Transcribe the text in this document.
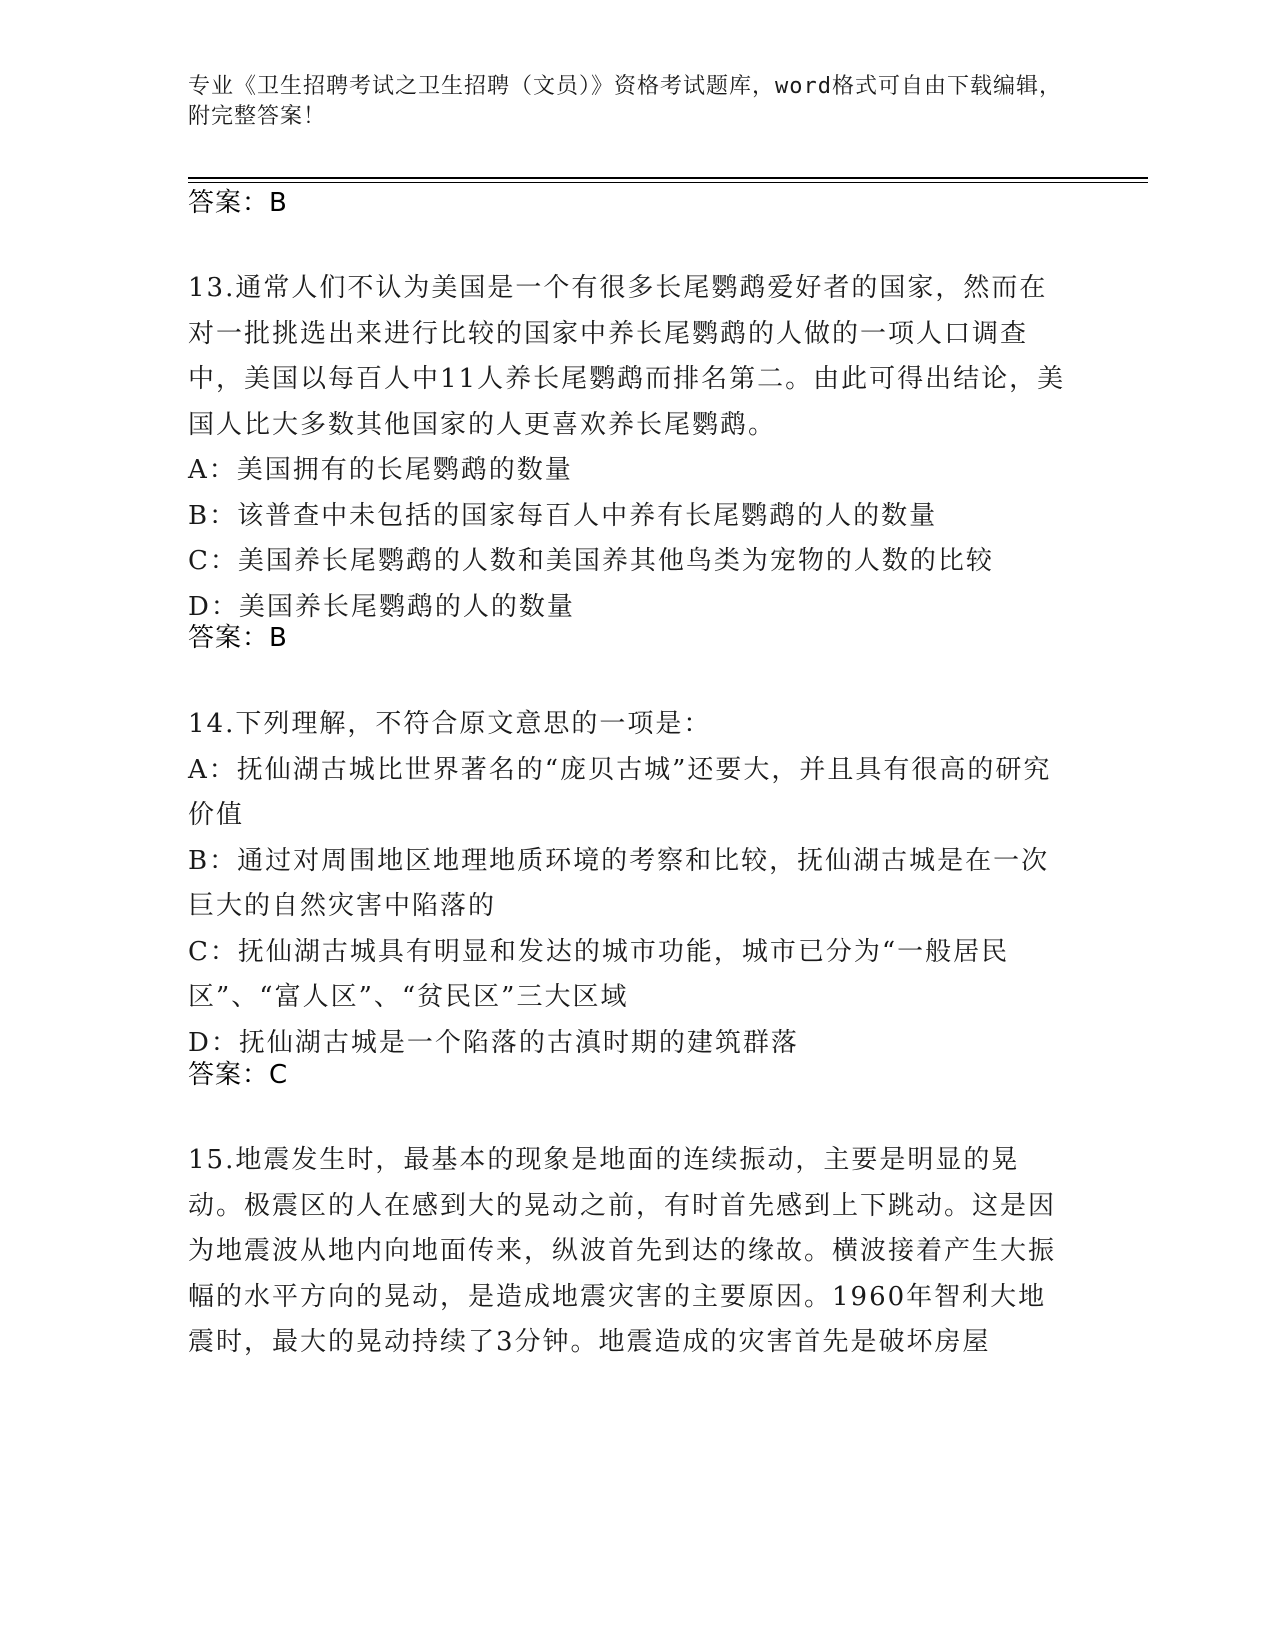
专业《卫生招聘考试之卫生招聘（文员）》资格考试题库，word格式可自由下载编辑，附完整答案！
答案：B

13.通常人们不认为美国是一个有很多长尾鹦鹉爱好者的国家，然而在对一批挑选出来进行比较的国家中养长尾鹦鹉的人做的一项人口调查中，美国以每百人中11人养长尾鹦鹉而排名第二。由此可得出结论，美国人比大多数其他国家的人更喜欢养长尾鹦鹉。

A：美国拥有的长尾鹦鹉的数量

B：该普查中未包括的国家每百人中养有长尾鹦鹉的人的数量

C：美国养长尾鹦鹉的人数和美国养其他鸟类为宠物的人数的比较

D：美国养长尾鹦鹉的人的数量

答案：B

14.下列理解，不符合原文意思的一项是：

A：抚仙湖古城比世界著名的“庞贝古城”还要大，并且具有很高的研究价值

B：通过对周围地区地理地质环境的考察和比较，抚仙湖古城是在一次巨大的自然灾害中陷落的

C：抚仙湖古城具有明显和发达的城市功能，城市已分为“一般居民区”、“富人区”、“贫民区”三大区域

D：抚仙湖古城是一个陷落的古滇时期的建筑群落

答案：C

15.地震发生时，最基本的现象是地面的连续振动，主要是明显的晃动。极震区的人在感到大的晃动之前，有时首先感到上下跳动。这是因为地震波从地内向地面传来，纵波首先到达的缘故。横波接着产生大振幅的水平方向的晃动，是造成地震灾害的主要原因。1960年智利大地震时，最大的晃动持续了3分钟。地震造成的灾害首先是破坏房屋
